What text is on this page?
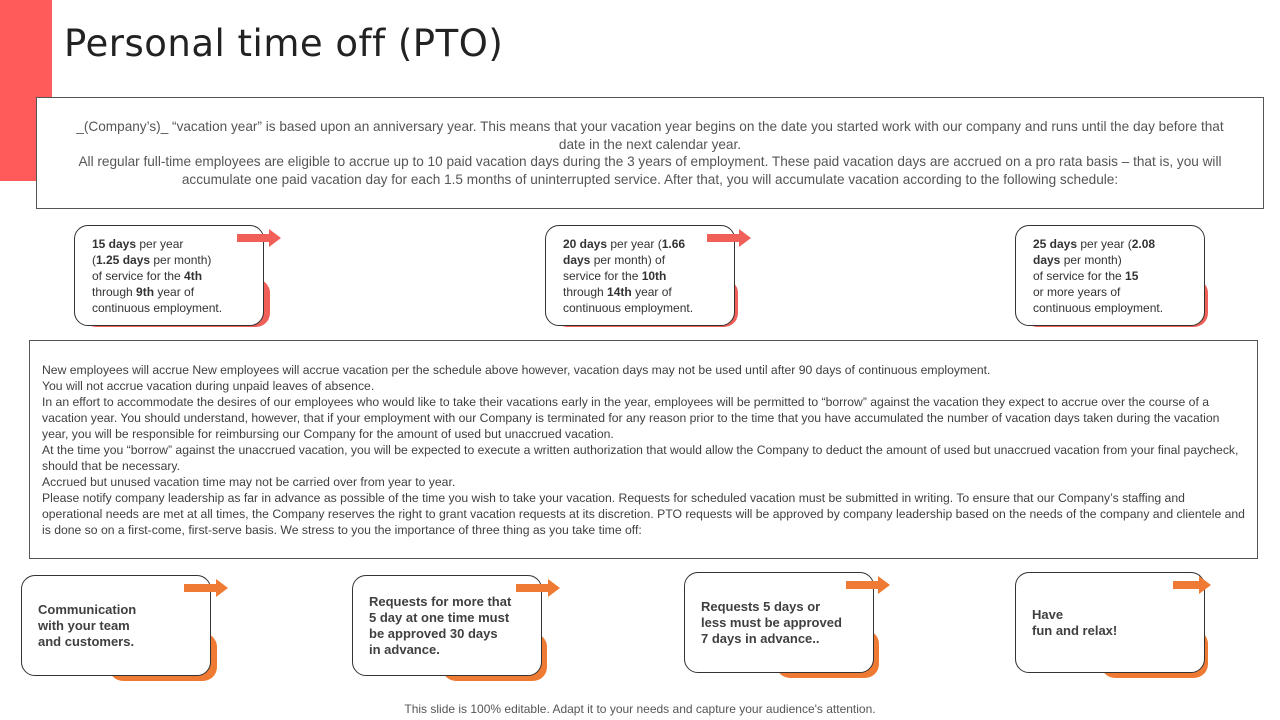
Personal time off (PTO)

_(Company’s)_ “vacation year” is based upon an anniversary year. This means that your vacation year begins on the date you started work with our company and runs until the day before that date in the next calendar year.

All regular full-time employees are eligible to accrue up to 10 paid vacation days during the 3 years of employment. These paid vacation days are accrued on a pro rata basis – that is, you will accumulate one paid vacation day for each 1.5 months of uninterrupted service. After that, you will accumulate vacation according to the following schedule:

15 days per year
(1.25 days per month)
of service for the 4th
through 9th year of
continuous employment.
20 days per year (1.66
days per month) of
service for the 10th
through 14th year of
continuous employment.
25 days per year (2.08
days per month)
of service for the 15
or more years of
continuous employment.

New employees will accrue New employees will accrue vacation per the schedule above however, vacation days may not be used until after 90 days of continuous employment.

You will not accrue vacation during unpaid leaves of absence.

In an effort to accommodate the desires of our employees who would like to take their vacations early in the year, employees will be permitted to “borrow” against the vacation they expect to accrue over the course of a vacation year. You should understand, however, that if your employment with our Company is terminated for any reason prior to the time that you have accumulated the number of vacation days taken during the vacation year, you will be responsible for reimbursing our Company for the amount of used but unaccrued vacation.

At the time you “borrow” against the unaccrued vacation, you will be expected to execute a written authorization that would allow the Company to deduct the amount of used but unaccrued vacation from your final paycheck, should that be necessary.

Accrued but unused vacation time may not be carried over from year to year.

Please notify company leadership as far in advance as possible of the time you wish to take your vacation. Requests for scheduled vacation must be submitted in writing. To ensure that our Company’s staffing and operational needs are met at all times, the Company reserves the right to grant vacation requests at its discretion. PTO requests will be approved by company leadership based on the needs of the company and clientele and is done so on a first-come, first-serve basis. We stress to you the importance of three thing as you take time off:

Communication
with your team
and customers.
Requests for more that
5 day at one time must
be approved 30 days
in advance.
Requests 5 days or
less must be approved
7 days in advance..
Have
fun and relax!
This slide is 100% editable. Adapt it to your needs and capture your audience's attention.
